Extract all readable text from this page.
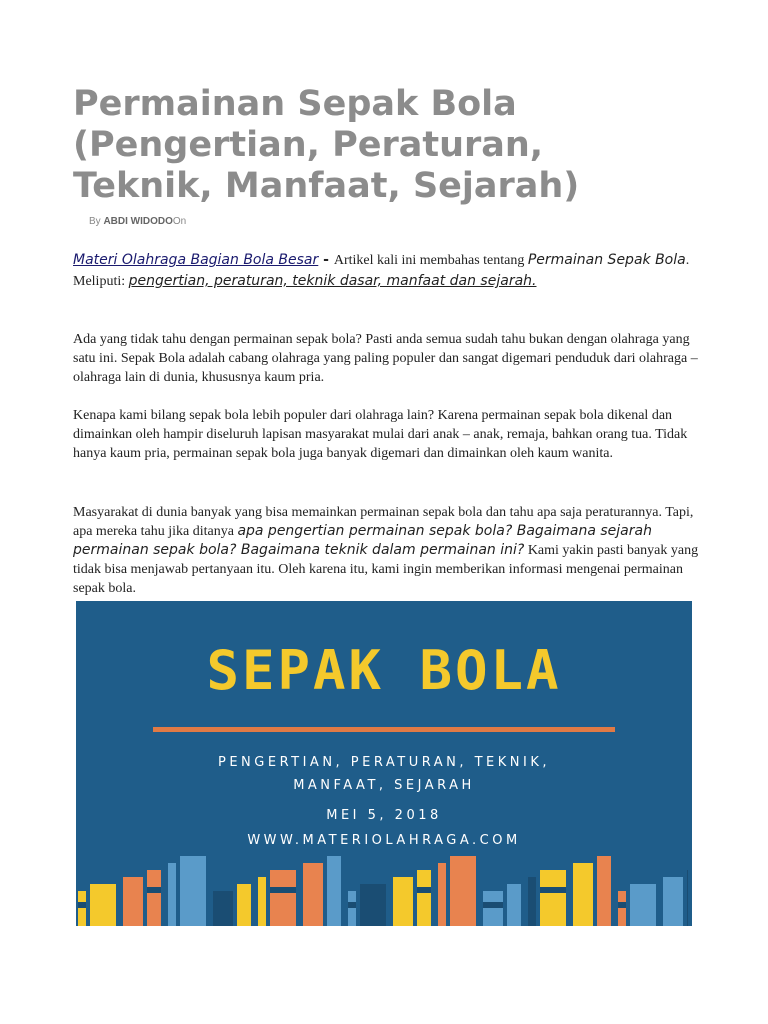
Permainan Sepak Bola
(Pengertian, Peraturan,
Teknik, Manfaat, Sejarah)
By ABDI WIDODOOn

Materi Olahraga Bagian Bola Besar - Artikel kali ini membahas tentang Permainan Sepak Bola. Meliputi: pengertian, peraturan, teknik dasar, manfaat dan sejarah.

Ada yang tidak tahu dengan permainan sepak bola? Pasti anda semua sudah tahu bukan dengan olahraga yang satu ini. Sepak Bola adalah cabang olahraga yang paling populer dan sangat digemari penduduk dari olahraga – olahraga lain di dunia, khususnya kaum pria.

Kenapa kami bilang sepak bola lebih populer dari olahraga lain? Karena permainan sepak bola dikenal dan dimainkan oleh hampir diseluruh lapisan masyarakat mulai dari anak – anak, remaja, bahkan orang tua. Tidak hanya kaum pria, permainan sepak bola juga banyak digemari dan dimainkan oleh kaum wanita.

Masyarakat di dunia banyak yang bisa memainkan permainan sepak bola dan tahu apa saja peraturannya. Tapi, apa mereka tahu jika ditanya apa pengertian permainan sepak bola? Bagaimana sejarah permainan sepak bola? Bagaimana teknik dalam permainan ini? Kami yakin pasti banyak yang tidak bisa menjawab pertanyaan itu. Oleh karena itu, kami ingin memberikan informasi mengenai permainan sepak bola.

SEPAK BOLA
PENGERTIAN, PERATURAN, TEKNIK,
MANFAAT, SEJARAH
MEI 5, 2018
WWW.MATERIOLAHRAGA.COM
